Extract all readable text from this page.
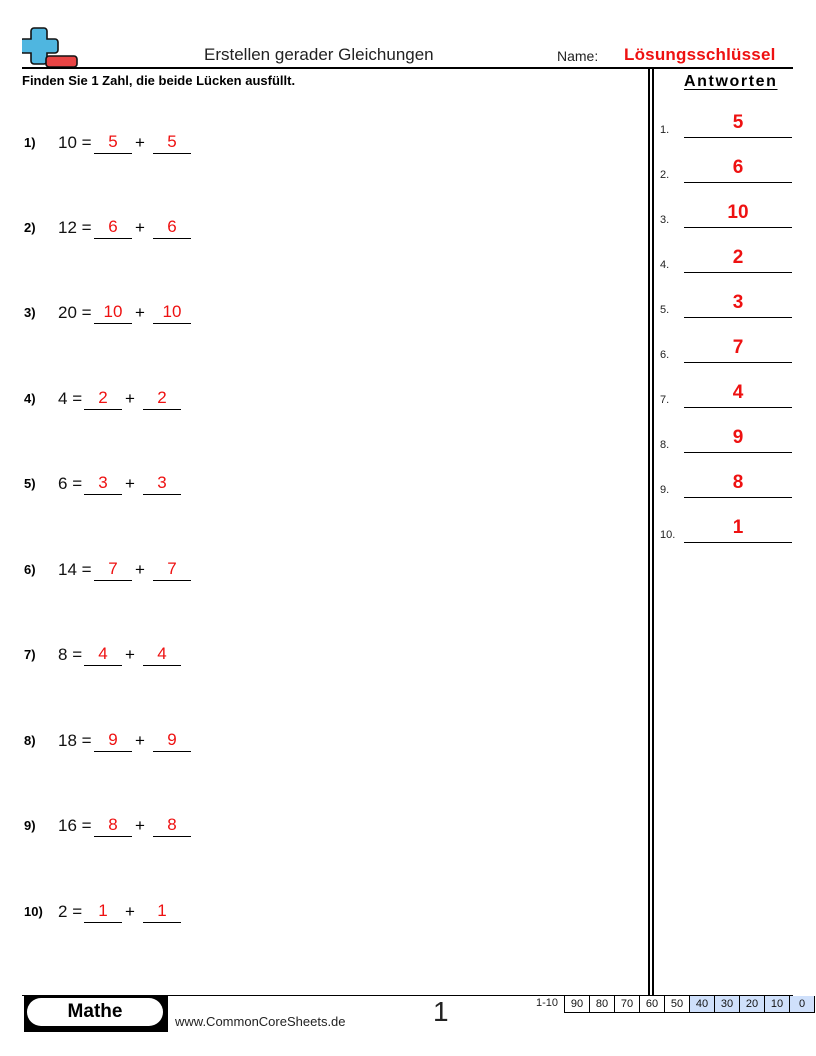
Erstellen gerader Gleichungen	Name: Lösungsschlüssel
Finden Sie 1 Zahl, die beide Lücken ausfüllt.
1) 10 = 5	+	5
2) 12 = 6	+	6
3) 20 = 10 +	10
4) 4 = 2	+	2
5) 6 = 3	+	3
6) 14 = 7	+	7
7) 8 = 4	+	4
8) 18 = 9	+	9
9) 16 = 8	+	8
10) 2 = 1	+	1
Antworten
1.	5
2.	6
3.	10
4.	2
5.	3
6.	7
7.	4
8.	9
9.	8
10.	1
Mathe	www.CommonCoreSheets.de	1	1-10	90	80	70	60	50	40	30	20	10	0
